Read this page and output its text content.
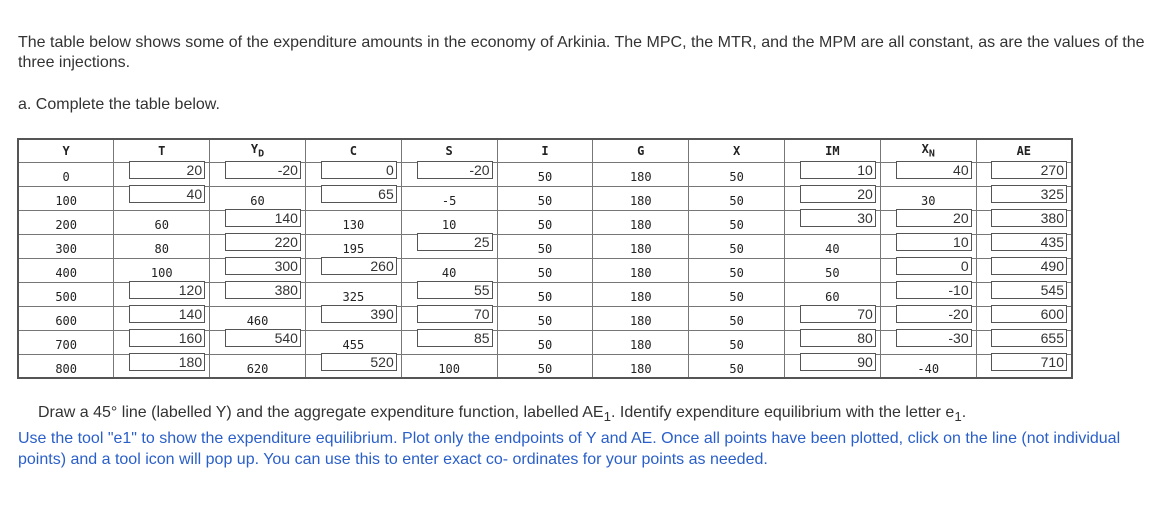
The table below shows some of the expenditure amounts in the economy of Arkinia. The MPC, the MTR, and the MPM are all constant, as are the values of the three injections.
a. Complete the table below.
Y	T	$Y_D$	C	S	I	G	X	IM	$X_N$	AE
0	20	-20	0	-20	50	180	50	10	40	270

100	40	60	65	-5	50	180	50	20	30	325

200	60	140	130	10	50	180	50	30	20	380

300	80	220	195	25	50	180	50	40	10	435

400	100	300	260	40	50	180	50	50	0	490

500	120	380	325	55	50	180	50	60	-10	545

600	140	460	390	70	50	180	50	70	-20	600

700	160	540	455	85	50	180	50	80	-30	655

800	180	620	520	100	50	180	50	90	-40	710
Draw a 45° line (labelled Y) and the aggregate expenditure function, labelled $AE_1$. Identify expenditure equilibrium with the letter $e_1$.
Use the tool "e1" to show the expenditure equilibrium. Plot only the endpoints of Y and AE. Once all points have been plotted, click on the line (not individual points) and a tool icon will pop up. You can use this to enter exact co- ordinates for your points as needed.
